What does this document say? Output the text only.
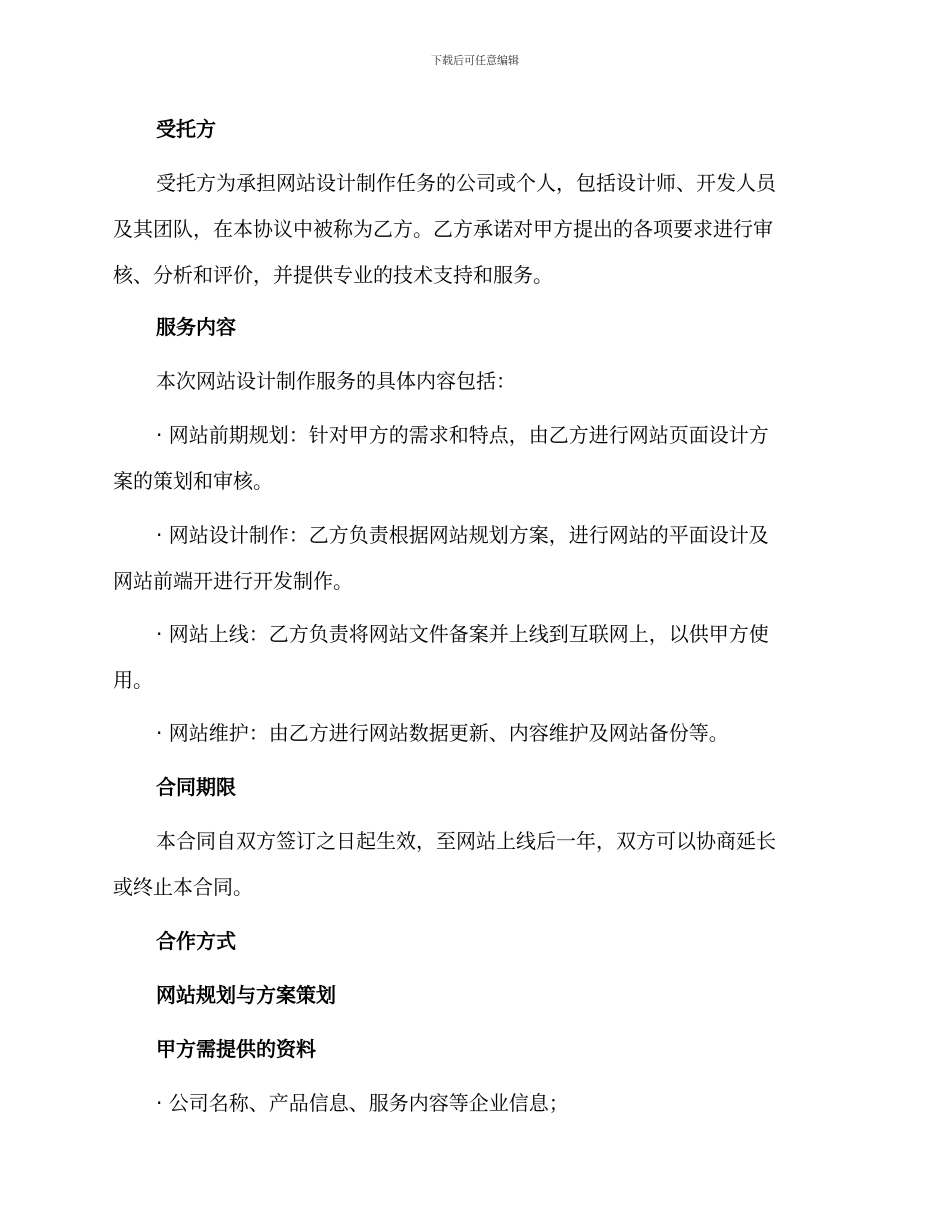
下载后可任意编辑

受托方

受托方为承担网站设计制作任务的公司或个人，包括设计师、开发人员
及其团队，在本协议中被称为乙方。乙方承诺对甲方提出的各项要求进行审
核、分析和评价，并提供专业的技术支持和服务。

服务内容

本次网站设计制作服务的具体内容包括：

· 网站前期规划：针对甲方的需求和特点，由乙方进行网站页面设计方
案的策划和审核。
· 网站设计制作：乙方负责根据网站规划方案，进行网站的平面设计及
网站前端开进行开发制作。
· 网站上线：乙方负责将网站文件备案并上线到互联网上，以供甲方使
用。

· 网站维护：由乙方进行网站数据更新、内容维护及网站备份等。

合同期限

本合同自双方签订之日起生效，至网站上线后一年，双方可以协商延长
或终止本合同。

合作方式

网站规划与方案策划

甲方需提供的资料

· 公司名称、产品信息、服务内容等企业信息；
